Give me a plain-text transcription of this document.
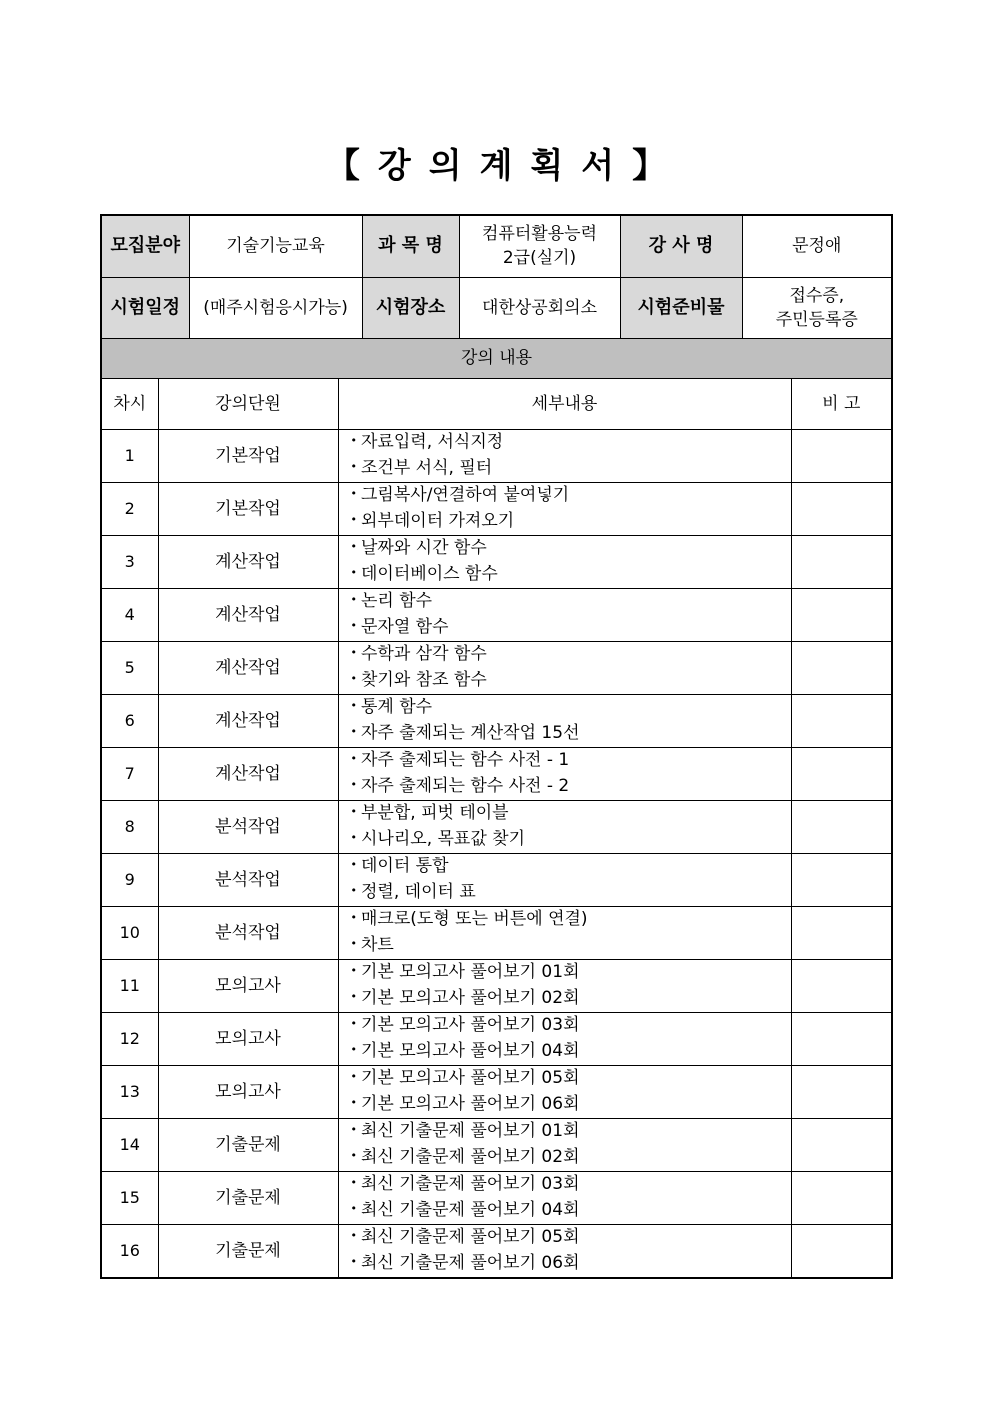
【 강 의 계 획 서 】
모집분야		기술기능교육		과 목 명	컴퓨터활용능력
2급(실기)	강 사 명	문정애	
시험일정		(매주시험응시가능)		시험장소	대한상공회의소	시험준비물	접수증,
주민등록증	

강의 내용								
차시	강의단원		세부내용					비 고
1	기본작업		• 자료입력, 서식지정
• 조건부 서식, 필터

2	기본작업		• 그림복사/연결하여 붙여넣기
• 외부데이터 가져오기

3	계산작업		• 날짜와 시간 함수
• 데이터베이스 함수

4	계산작업		• 논리 함수
• 문자열 함수

5	계산작업		• 수학과 삼각 함수
• 찾기와 참조 함수

6	계산작업		• 통계 함수
• 자주 출제되는 계산작업 15선

7	계산작업		• 자주 출제되는 함수 사전 - 1
• 자주 출제되는 함수 사전 - 2

8	분석작업		• 부분합, 피벗 테이블
• 시나리오, 목표값 찾기

9	분석작업		• 데이터 통합
• 정렬, 데이터 표

10	분석작업		• 매크로(도형 또는 버튼에 연결)
• 차트

11	모의고사		• 기본 모의고사 풀어보기 01회
• 기본 모의고사 풀어보기 02회

12	모의고사		• 기본 모의고사 풀어보기 03회
• 기본 모의고사 풀어보기 04회

13	모의고사		• 기본 모의고사 풀어보기 05회
• 기본 모의고사 풀어보기 06회

14	기출문제		• 최신 기출문제 풀어보기 01회
• 최신 기출문제 풀어보기 02회

15	기출문제		• 최신 기출문제 풀어보기 03회
• 최신 기출문제 풀어보기 04회

16	기출문제		• 최신 기출문제 풀어보기 05회
• 최신 기출문제 풀어보기 06회
